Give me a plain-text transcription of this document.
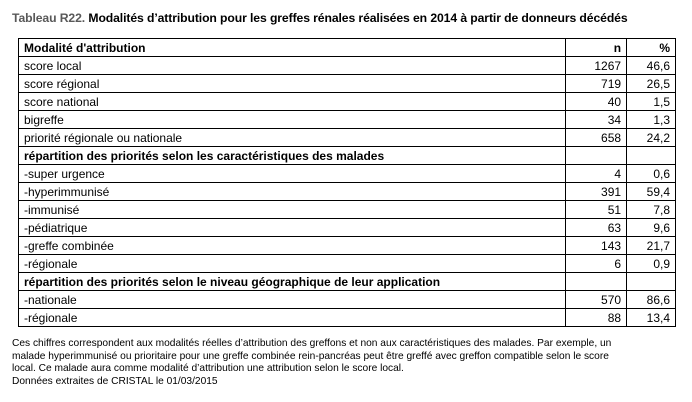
Tableau R22. Modalités d’attribution pour les greffes rénales réalisées en 2014 à partir de donneurs décédés
Modalité d'attribution	n	%
score local	1267	46,6
score régional	719	26,5
score national	40	1,5
bigreffe	34	1,3
priorité régionale ou nationale	658	24,2
répartition des priorités selon les caractéristiques des malades		
-super urgence	4	0,6
-hyperimmunisé	391	59,4
-immunisé	51	7,8
-pédiatrique	63	9,6
-greffe combinée	143	21,7
-régionale	6	0,9
répartition des priorités selon le niveau géographique de leur application		
-nationale	570	86,6
-régionale	88	13,4
Ces chiffres correspondent aux modalités réelles d’attribution des greffons et non aux caractéristiques des malades. Par exemple, un
malade hyperimmunisé ou prioritaire pour une greffe combinée rein-pancréas peut être greffé avec greffon compatible selon le score
local. Ce malade aura comme modalité d’attribution une attribution selon le score local.
Données extraites de CRISTAL le 01/03/2015
